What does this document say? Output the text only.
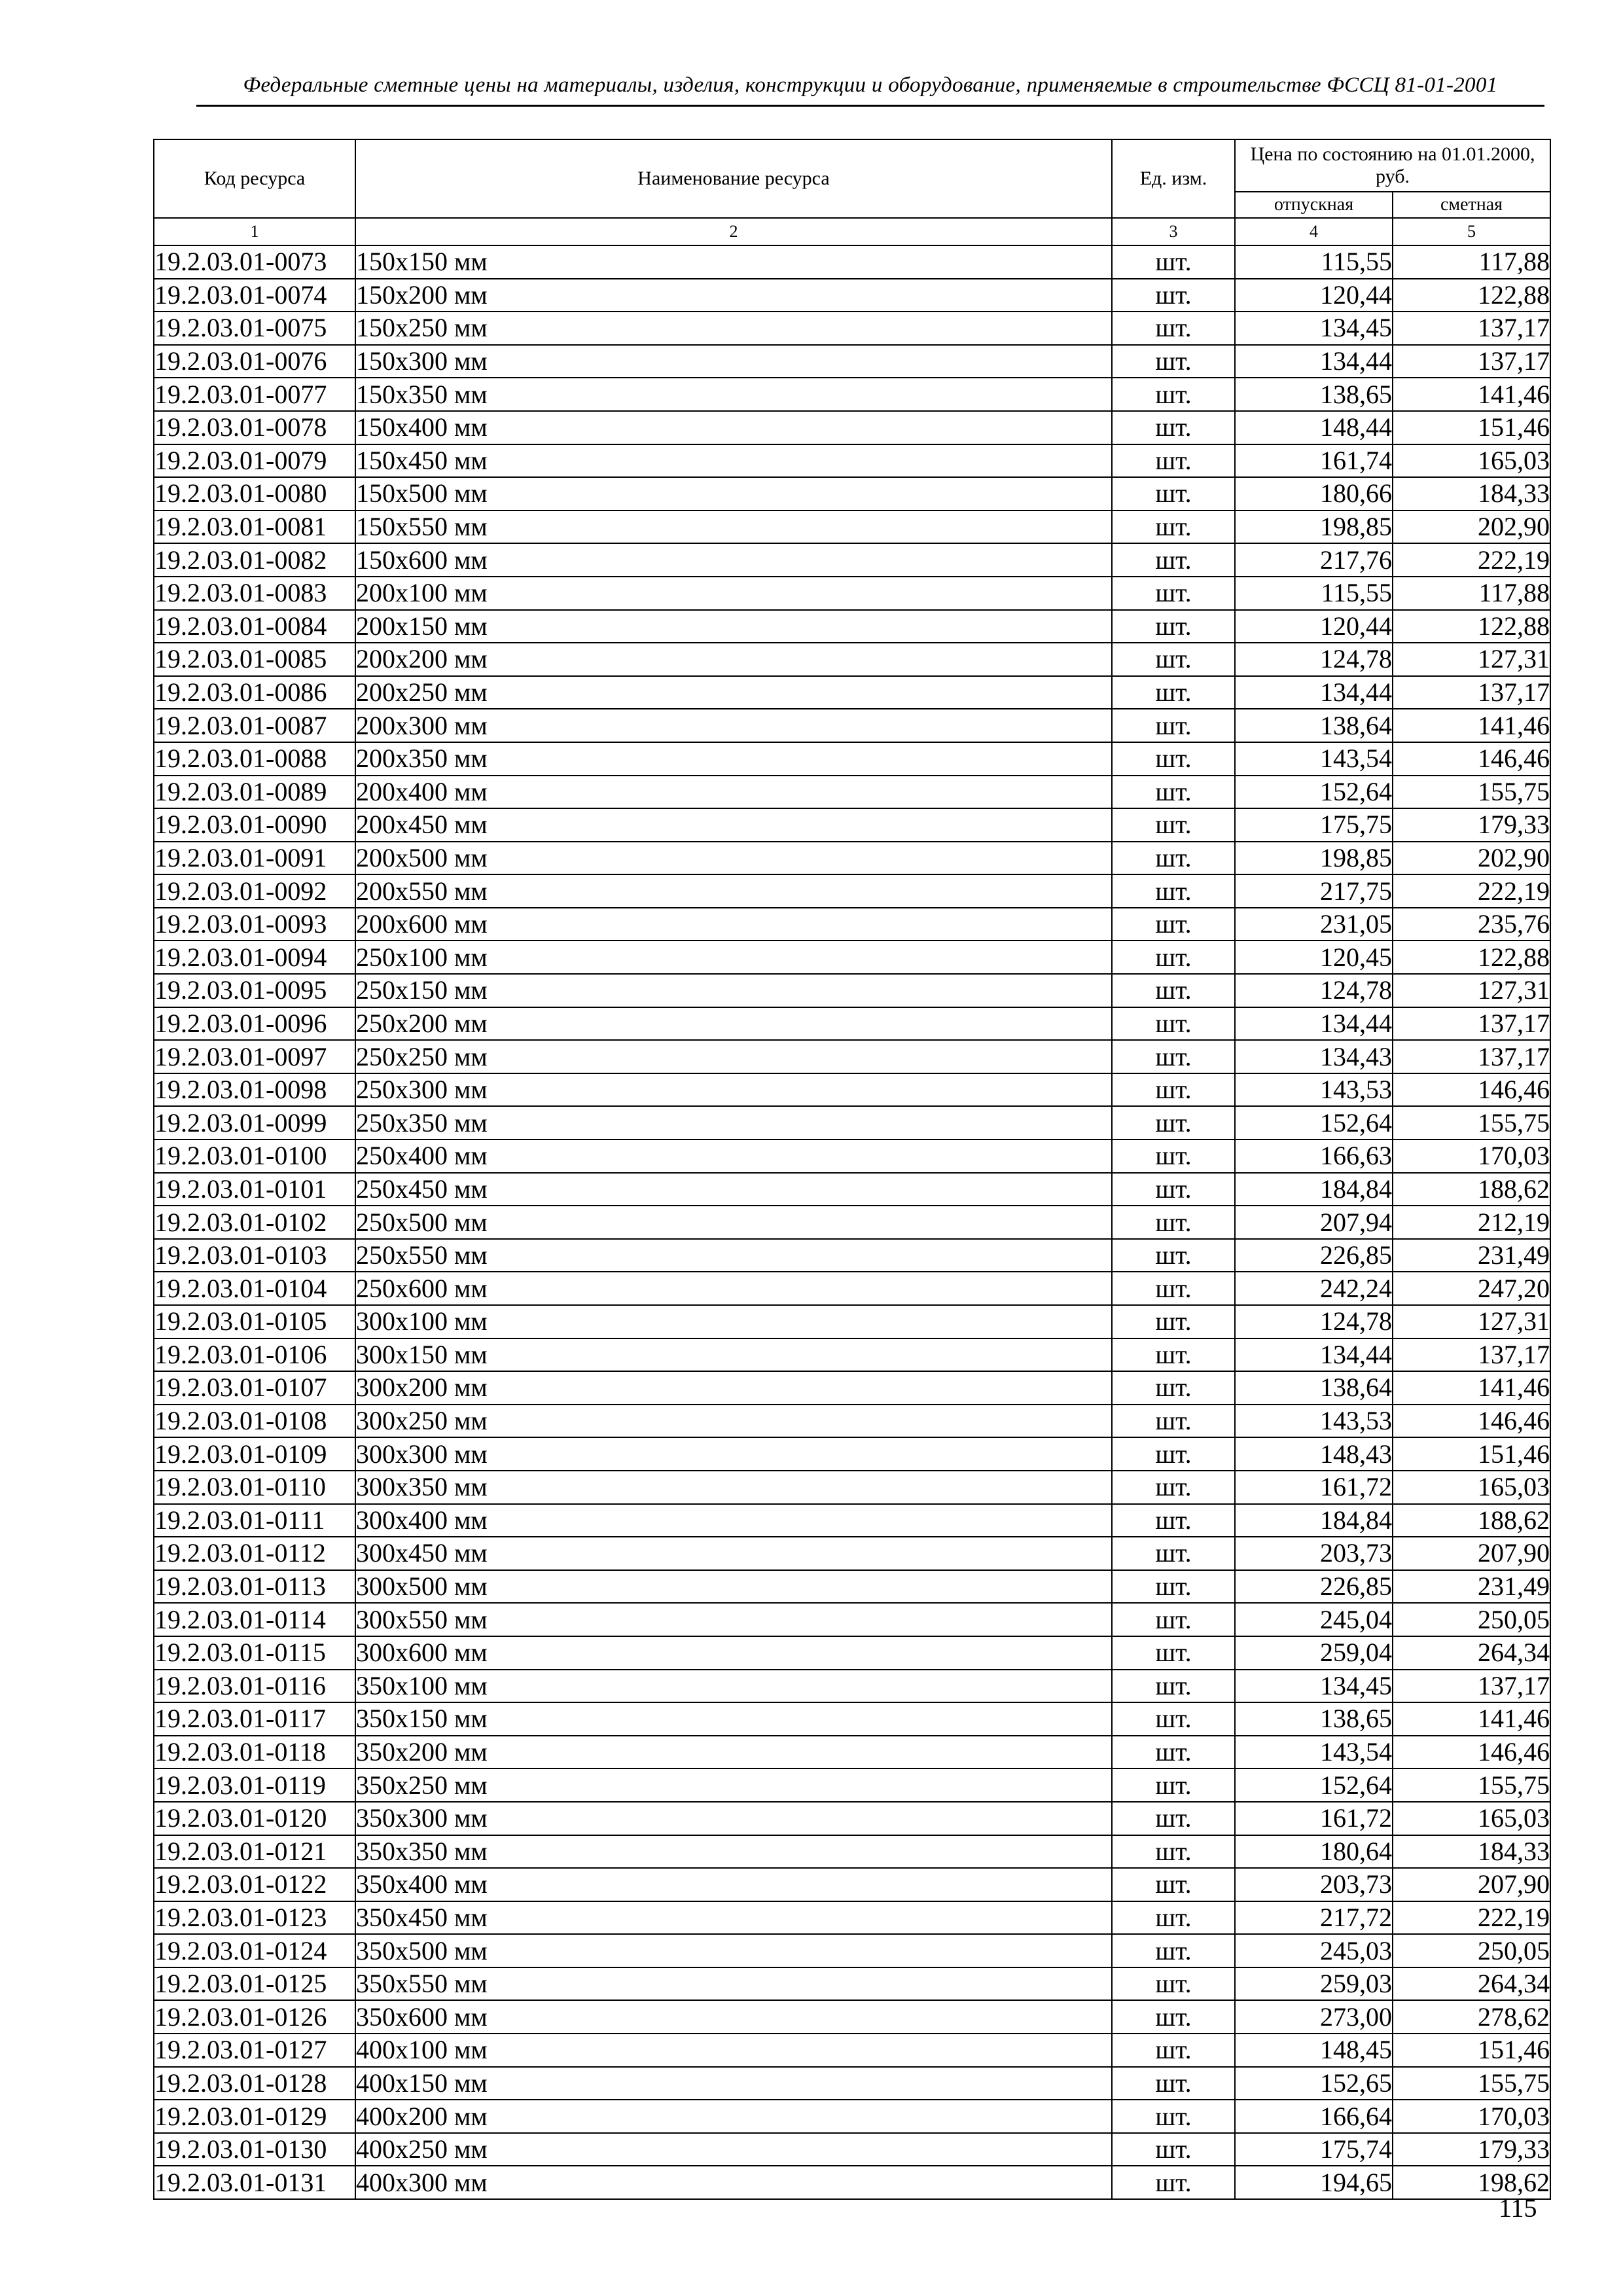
Федеральные сметные цены на материалы, изделия, конструкции и оборудование, применяемые в строительстве ФССЦ 81-01-2001
Код ресурса	Наименование ресурса	Ед. изм.	Цена по состоянию на 01.01.2000, руб.	
			отпускная	сметная
1	2	3	4	5
19.2.03.01-0073	150x150 мм	шт.	115,55	117,88
19.2.03.01-0074	150x200 мм	шт.	120,44	122,88
19.2.03.01-0075	150x250 мм	шт.	134,45	137,17
19.2.03.01-0076	150x300 мм	шт.	134,44	137,17
19.2.03.01-0077	150x350 мм	шт.	138,65	141,46
19.2.03.01-0078	150x400 мм	шт.	148,44	151,46
19.2.03.01-0079	150x450 мм	шт.	161,74	165,03
19.2.03.01-0080	150x500 мм	шт.	180,66	184,33
19.2.03.01-0081	150x550 мм	шт.	198,85	202,90
19.2.03.01-0082	150x600 мм	шт.	217,76	222,19
19.2.03.01-0083	200x100 мм	шт.	115,55	117,88
19.2.03.01-0084	200x150 мм	шт.	120,44	122,88
19.2.03.01-0085	200x200 мм	шт.	124,78	127,31
19.2.03.01-0086	200x250 мм	шт.	134,44	137,17
19.2.03.01-0087	200x300 мм	шт.	138,64	141,46
19.2.03.01-0088	200x350 мм	шт.	143,54	146,46
19.2.03.01-0089	200x400 мм	шт.	152,64	155,75
19.2.03.01-0090	200x450 мм	шт.	175,75	179,33
19.2.03.01-0091	200x500 мм	шт.	198,85	202,90
19.2.03.01-0092	200x550 мм	шт.	217,75	222,19
19.2.03.01-0093	200x600 мм	шт.	231,05	235,76
19.2.03.01-0094	250x100 мм	шт.	120,45	122,88
19.2.03.01-0095	250x150 мм	шт.	124,78	127,31
19.2.03.01-0096	250x200 мм	шт.	134,44	137,17
19.2.03.01-0097	250x250 мм	шт.	134,43	137,17
19.2.03.01-0098	250x300 мм	шт.	143,53	146,46
19.2.03.01-0099	250x350 мм	шт.	152,64	155,75
19.2.03.01-0100	250x400 мм	шт.	166,63	170,03
19.2.03.01-0101	250x450 мм	шт.	184,84	188,62
19.2.03.01-0102	250x500 мм	шт.	207,94	212,19
19.2.03.01-0103	250x550 мм	шт.	226,85	231,49
19.2.03.01-0104	250x600 мм	шт.	242,24	247,20
19.2.03.01-0105	300x100 мм	шт.	124,78	127,31
19.2.03.01-0106	300x150 мм	шт.	134,44	137,17
19.2.03.01-0107	300x200 мм	шт.	138,64	141,46
19.2.03.01-0108	300x250 мм	шт.	143,53	146,46
19.2.03.01-0109	300x300 мм	шт.	148,43	151,46
19.2.03.01-0110	300x350 мм	шт.	161,72	165,03
19.2.03.01-0111	300x400 мм	шт.	184,84	188,62
19.2.03.01-0112	300x450 мм	шт.	203,73	207,90
19.2.03.01-0113	300x500 мм	шт.	226,85	231,49
19.2.03.01-0114	300x550 мм	шт.	245,04	250,05
19.2.03.01-0115	300x600 мм	шт.	259,04	264,34
19.2.03.01-0116	350x100 мм	шт.	134,45	137,17
19.2.03.01-0117	350x150 мм	шт.	138,65	141,46
19.2.03.01-0118	350x200 мм	шт.	143,54	146,46
19.2.03.01-0119	350x250 мм	шт.	152,64	155,75
19.2.03.01-0120	350x300 мм	шт.	161,72	165,03
19.2.03.01-0121	350x350 мм	шт.	180,64	184,33
19.2.03.01-0122	350x400 мм	шт.	203,73	207,90
19.2.03.01-0123	350x450 мм	шт.	217,72	222,19
19.2.03.01-0124	350x500 мм	шт.	245,03	250,05
19.2.03.01-0125	350x550 мм	шт.	259,03	264,34
19.2.03.01-0126	350x600 мм	шт.	273,00	278,62
19.2.03.01-0127	400x100 мм	шт.	148,45	151,46
19.2.03.01-0128	400x150 мм	шт.	152,65	155,75
19.2.03.01-0129	400x200 мм	шт.	166,64	170,03
19.2.03.01-0130	400x250 мм	шт.	175,74	179,33
19.2.03.01-0131	400x300 мм	шт.	194,65	198,62
115
